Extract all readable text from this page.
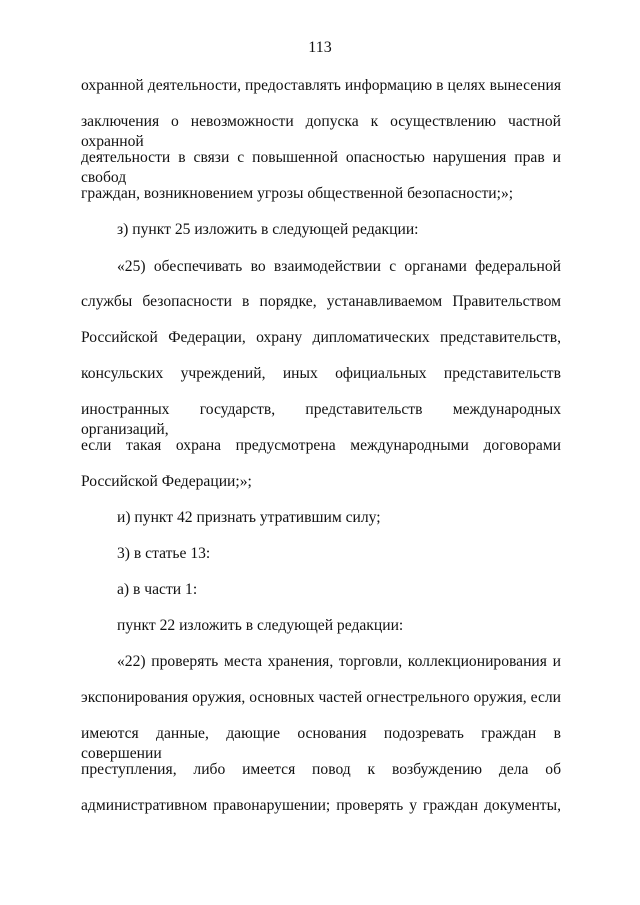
113
охранной деятельности, предоставлять информацию в целях вынесения
заключения о невозможности допуска к осуществлению частной охранной
деятельности в связи с повышенной опасностью нарушения прав и свобод
граждан, возникновением угрозы общественной безопасности;»;
з) пункт 25 изложить в следующей редакции:
«25) обеспечивать во взаимодействии с органами федеральной
службы безопасности в порядке, устанавливаемом Правительством
Российской Федерации, охрану дипломатических представительств,
консульских учреждений, иных официальных представительств
иностранных государств, представительств международных организаций,
если такая охрана предусмотрена международными договорами
Российской Федерации;»;
и) пункт 42 признать утратившим силу;
3) в статье 13:
а) в части 1:
пункт 22 изложить в следующей редакции:
«22) проверять места хранения, торговли, коллекционирования и
экспонирования оружия, основных частей огнестрельного оружия, если
имеются данные, дающие основания подозревать граждан в совершении
преступления, либо имеется повод к возбуждению дела об
административном правонарушении; проверять у граждан документы,
